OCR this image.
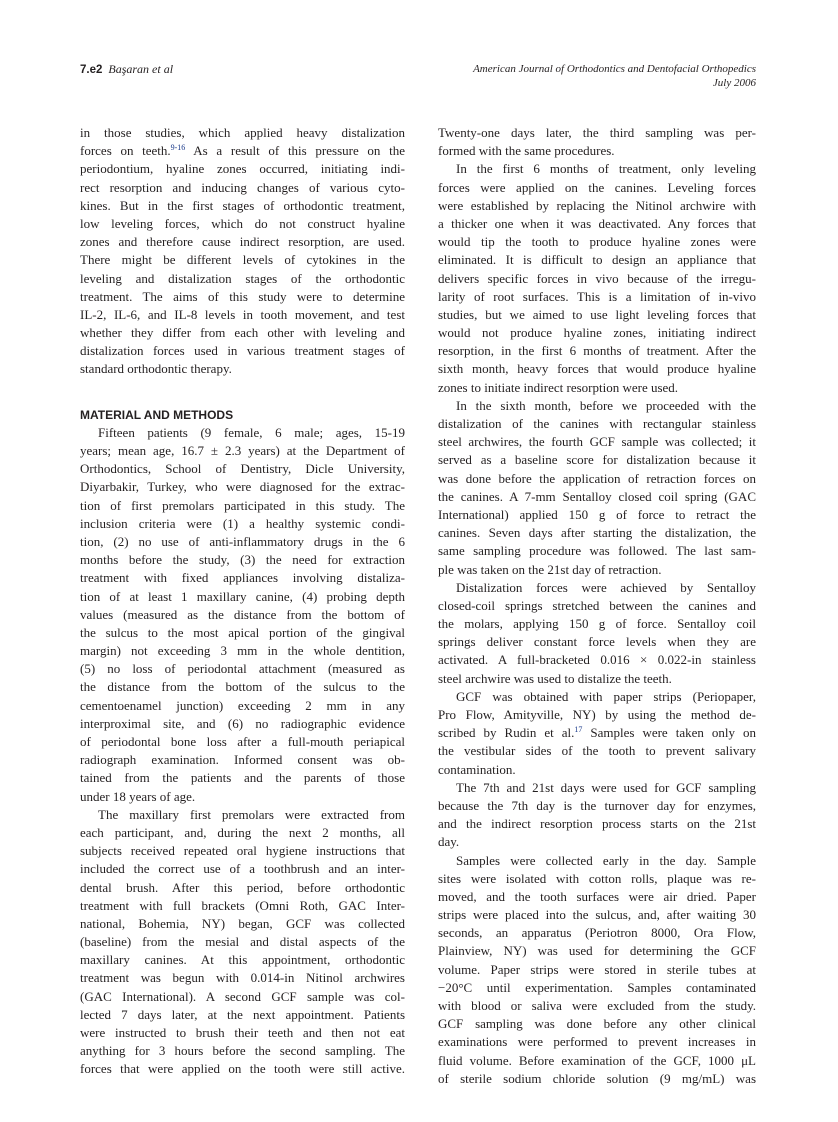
7.e2 Başaran et al	American Journal of Orthodontics and Dentofacial Orthopedics
July 2006
in those studies, which applied heavy distalization
forces on teeth.$^{9-16}$ As a result of this pressure on the
periodontium, hyaline zones occurred, initiating indi-
rect resorption and inducing changes of various cyto-
kines. But in the first stages of orthodontic treatment,
low leveling forces, which do not construct hyaline
zones and therefore cause indirect resorption, are used.
There might be different levels of cytokines in the
leveling and distalization stages of the orthodontic
treatment. The aims of this study were to determine
IL-2, IL-6, and IL-8 levels in tooth movement, and test
whether they differ from each other with leveling and
distalization forces used in various treatment stages of
standard orthodontic therapy.
MATERIAL AND METHODS
Fifteen patients (9 female, 6 male; ages, 15-19
years; mean age, 16.7 ± 2.3 years) at the Department of
Orthodontics, School of Dentistry, Dicle University,
Diyarbakir, Turkey, who were diagnosed for the extrac-
tion of first premolars participated in this study. The
inclusion criteria were (1) a healthy systemic condi-
tion, (2) no use of anti-inflammatory drugs in the 6
months before the study, (3) the need for extraction
treatment with fixed appliances involving distaliza-
tion of at least 1 maxillary canine, (4) probing depth
values (measured as the distance from the bottom of
the sulcus to the most apical portion of the gingival
margin) not exceeding 3 mm in the whole dentition,
(5) no loss of periodontal attachment (measured as
the distance from the bottom of the sulcus to the
cementoenamel junction) exceeding 2 mm in any
interproximal site, and (6) no radiographic evidence
of periodontal bone loss after a full-mouth periapical
radiograph examination. Informed consent was ob-
tained from the patients and the parents of those
under 18 years of age.
The maxillary first premolars were extracted from
each participant, and, during the next 2 months, all
subjects received repeated oral hygiene instructions that
included the correct use of a toothbrush and an inter-
dental brush. After this period, before orthodontic
treatment with full brackets (Omni Roth, GAC Inter-
national, Bohemia, NY) began, GCF was collected
(baseline) from the mesial and distal aspects of the
maxillary canines. At this appointment, orthodontic
treatment was begun with 0.014-in Nitinol archwires
(GAC International). A second GCF sample was col-
lected 7 days later, at the next appointment. Patients
were instructed to brush their teeth and then not eat
anything for 3 hours before the second sampling. The
forces that were applied on the tooth were still active.
Twenty-one days later, the third sampling was per-
formed with the same procedures.
In the first 6 months of treatment, only leveling
forces were applied on the canines. Leveling forces
were established by replacing the Nitinol archwire with
a thicker one when it was deactivated. Any forces that
would tip the tooth to produce hyaline zones were
eliminated. It is difficult to design an appliance that
delivers specific forces in vivo because of the irregu-
larity of root surfaces. This is a limitation of in-vivo
studies, but we aimed to use light leveling forces that
would not produce hyaline zones, initiating indirect
resorption, in the first 6 months of treatment. After the
sixth month, heavy forces that would produce hyaline
zones to initiate indirect resorption were used.
In the sixth month, before we proceeded with the
distalization of the canines with rectangular stainless
steel archwires, the fourth GCF sample was collected; it
served as a baseline score for distalization because it
was done before the application of retraction forces on
the canines. A 7-mm Sentalloy closed coil spring (GAC
International) applied 150 g of force to retract the
canines. Seven days after starting the distalization, the
same sampling procedure was followed. The last sam-
ple was taken on the 21st day of retraction.
Distalization forces were achieved by Sentalloy
closed-coil springs stretched between the canines and
the molars, applying 150 g of force. Sentalloy coil
springs deliver constant force levels when they are
activated. A full-bracketed 0.016 × 0.022-in stainless
steel archwire was used to distalize the teeth.
GCF was obtained with paper strips (Periopaper,
Pro Flow, Amityville, NY) by using the method de-
scribed by Rudin et al.$^{17}$ Samples were taken only on
the vestibular sides of the tooth to prevent salivary
contamination.
The 7th and 21st days were used for GCF sampling
because the 7th day is the turnover day for enzymes,
and the indirect resorption process starts on the 21st
day.
Samples were collected early in the day. Sample
sites were isolated with cotton rolls, plaque was re-
moved, and the tooth surfaces were air dried. Paper
strips were placed into the sulcus, and, after waiting 30
seconds, an apparatus (Periotron 8000, Ora Flow,
Plainview, NY) was used for determining the GCF
volume. Paper strips were stored in sterile tubes at
−20°C until experimentation. Samples contaminated
with blood or saliva were excluded from the study.
GCF sampling was done before any other clinical
examinations were performed to prevent increases in
fluid volume. Before examination of the GCF, 1000 μL
of sterile sodium chloride solution (9 mg/mL) was
